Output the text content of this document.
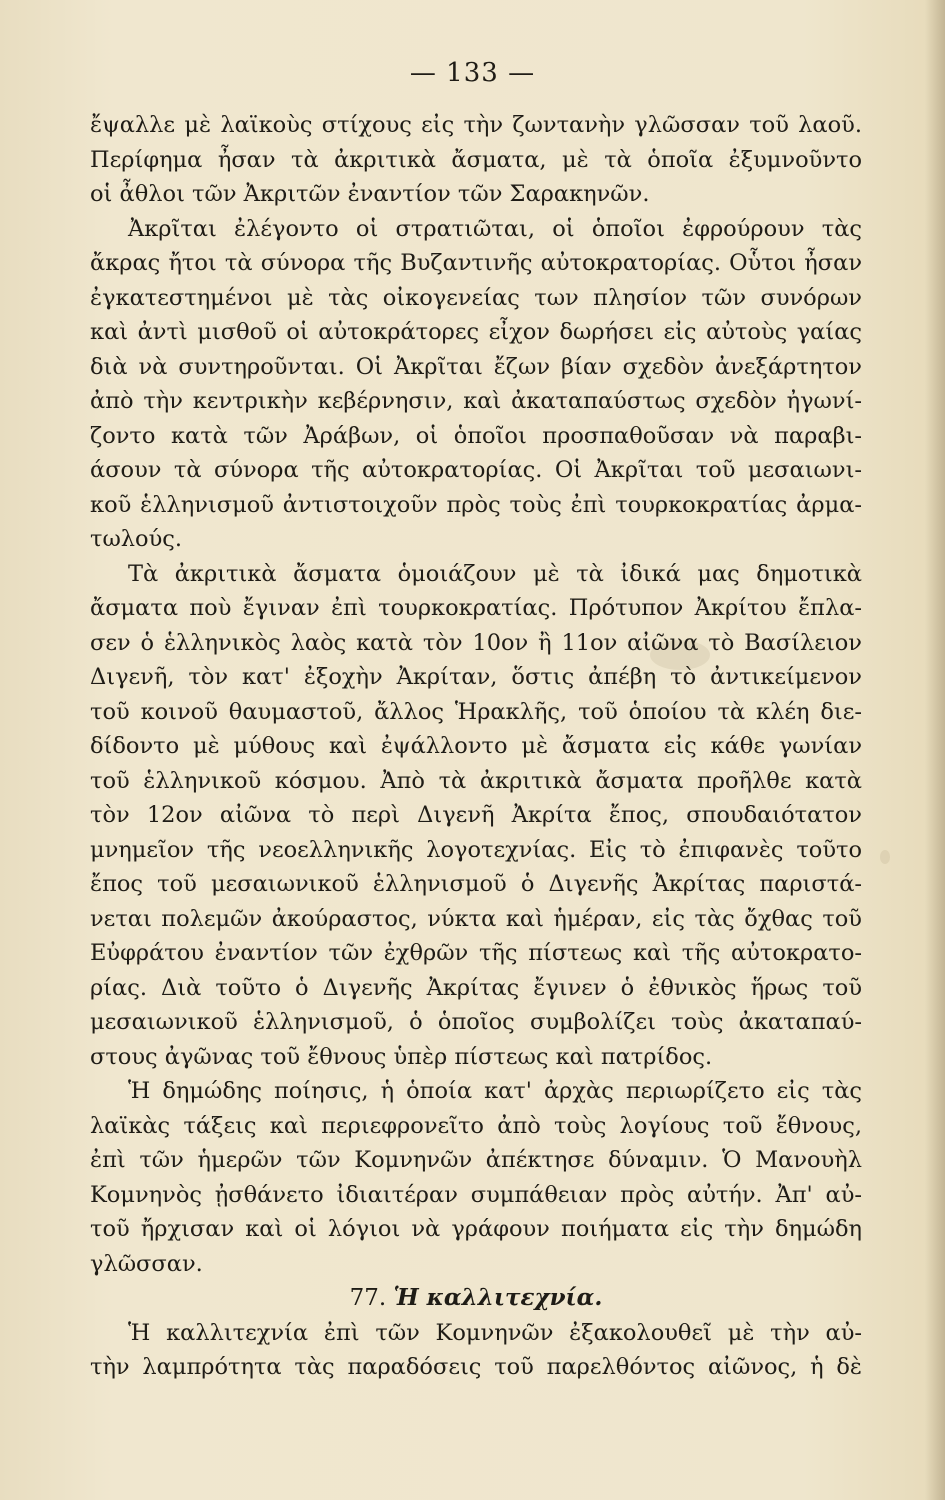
— 133 —
ἔψαλλε μὲ λαϊκοὺς στίχους εἰς τὴν ζωντανὴν γλῶσσαν τοῦ λαοῦ.
Περίφημα ἦσαν τὰ ἀκριτικὰ ἄσματα, μὲ τὰ ὁποῖα ἐξυμνοῦντο
οἱ ἆθλοι τῶν Ἀκριτῶν ἐναντίον τῶν Σαρακηνῶν.
Ἀκρῖται ἐλέγοντο οἱ στρατιῶται, οἱ ὁποῖοι ἐφρούρουν τὰς
ἄκρας ἤτοι τὰ σύνορα τῆς Βυζαντινῆς αὐτοκρατορίας. Οὗτοι ἦσαν
ἐγκατεστημένοι μὲ τὰς οἰκογενείας των πλησίον τῶν συνόρων
καὶ ἀντὶ μισθοῦ οἱ αὐτοκράτορες εἶχον δωρήσει εἰς αὐτοὺς γαίας
διὰ νὰ συντηροῦνται. Οἱ Ἀκρῖται ἔζων βίαν σχεδὸν ἀνεξάρτητον
ἀπὸ τὴν κεντρικὴν κεβέρνησιν, καὶ ἀκαταπαύστως σχεδὸν ἠγωνί-
ζοντο κατὰ τῶν Ἀράβων, οἱ ὁποῖοι προσπαθοῦσαν νὰ παραβι-
άσουν τὰ σύνορα τῆς αὐτοκρατορίας. Οἱ Ἀκρῖται τοῦ μεσαιωνι-
κοῦ ἑλληνισμοῦ ἀντιστοιχοῦν πρὸς τοὺς ἐπὶ τουρκοκρατίας ἀρμα-
τωλούς.
Τὰ ἀκριτικὰ ἄσματα ὁμοιάζουν μὲ τὰ ἰδικά μας δημοτικὰ
ἄσματα ποὺ ἔγιναν ἐπὶ τουρκοκρατίας. Πρότυπον Ἀκρίτου ἔπλα-
σεν ὁ ἑλληνικὸς λαὸς κατὰ τὸν 10ον ἢ 11ον αἰῶνα τὸ Βασίλειον
Διγενῆ, τὸν κατ' ἐξοχὴν Ἀκρίταν, ὅστις ἀπέβη τὸ ἀντικείμενον
τοῦ κοινοῦ θαυμαστοῦ, ἄλλος Ἡρακλῆς, τοῦ ὁποίου τὰ κλέη διε-
δίδοντο μὲ μύθους καὶ ἐψάλλοντο μὲ ἄσματα εἰς κάθε γωνίαν
τοῦ ἑλληνικοῦ κόσμου. Ἀπὸ τὰ ἀκριτικὰ ἄσματα προῆλθε κατὰ
τὸν 12ον αἰῶνα τὸ περὶ Διγενῆ Ἀκρίτα ἔπος, σπουδαιότατον
μνημεῖον τῆς νεοελληνικῆς λογοτεχνίας. Εἰς τὸ ἐπιφανὲς τοῦτο
ἔπος τοῦ μεσαιωνικοῦ ἑλληνισμοῦ ὁ Διγενῆς Ἀκρίτας παριστά-
νεται πολεμῶν ἀκούραστος, νύκτα καὶ ἡμέραν, εἰς τὰς ὄχθας τοῦ
Εὐφράτου ἐναντίον τῶν ἐχθρῶν τῆς πίστεως καὶ τῆς αὐτοκρατο-
ρίας. Διὰ τοῦτο ὁ Διγενῆς Ἀκρίτας ἔγινεν ὁ ἐθνικὸς ἥρως τοῦ
μεσαιωνικοῦ ἑλληνισμοῦ, ὁ ὁποῖος συμβολίζει τοὺς ἀκαταπαύ-
στους ἀγῶνας τοῦ ἔθνους ὑπὲρ πίστεως καὶ πατρίδος.
Ἡ δημώδης ποίησις, ἡ ὁποία κατ' ἀρχὰς περιωρίζετο εἰς τὰς
λαϊκὰς τάξεις καὶ περιεφρονεῖτο ἀπὸ τοὺς λογίους τοῦ ἔθνους,
ἐπὶ τῶν ἡμερῶν τῶν Κομνηνῶν ἀπέκτησε δύναμιν. Ὁ Μανουὴλ
Κομνηνὸς ᾐσθάνετο ἰδιαιτέραν συμπάθειαν πρὸς αὐτήν. Ἀπ' αὐ-
τοῦ ἤρχισαν καὶ οἱ λόγιοι νὰ γράφουν ποιήματα εἰς τὴν δημώδη
γλῶσσαν.
77. Ἡ καλλιτεχνία.
Ἡ καλλιτεχνία ἐπὶ τῶν Κομνηνῶν ἐξακολουθεῖ μὲ τὴν αὐ-
τὴν λαμπρότητα τὰς παραδόσεις τοῦ παρελθόντος αἰῶνος, ἡ δὲ
